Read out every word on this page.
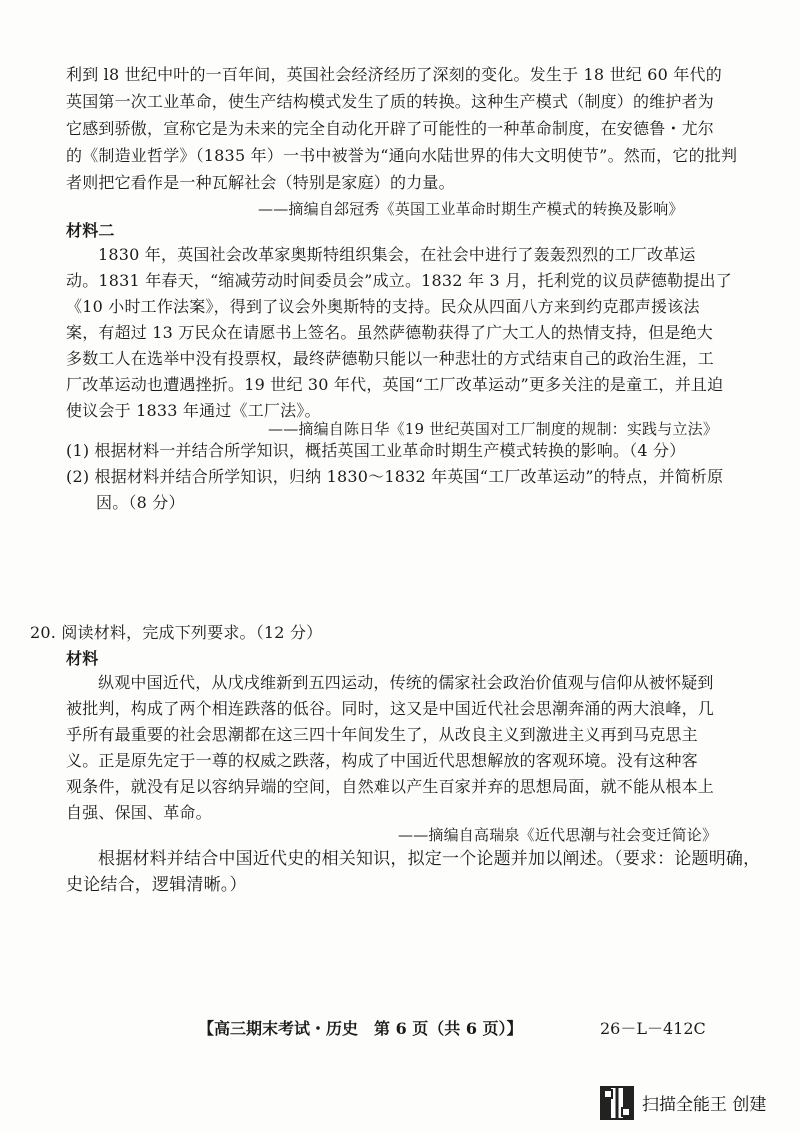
利到 l8 世纪中叶的一百年间，英国社会经济经历了深刻的变化。发生于 18 世纪 60 年代的
英国第一次工业革命，使生产结构模式发生了质的转换。这种生产模式（制度）的维护者为
它感到骄傲，宣称它是为未来的完全自动化开辟了可能性的一种革命制度，在安德鲁・尤尔
的《制造业哲学》（1835 年）一书中被誉为“通向水陆世界的伟大文明使节”。然而，它的批判
者则把它看作是一种瓦解社会（特别是家庭）的力量。
——摘编自郐冠秀《英国工业革命时期生产模式的转换及影响》
材料二
1830 年，英国社会改革家奥斯特组织集会，在社会中进行了轰轰烈烈的工厂改革运
动。1831 年春天，“缩减劳动时间委员会”成立。1832 年 3 月，托利党的议员萨德勒提出了
《10 小时工作法案》，得到了议会外奥斯特的支持。民众从四面八方来到约克郡声援该法
案，有超过 13 万民众在请愿书上签名。虽然萨德勒获得了广大工人的热情支持，但是绝大
多数工人在选举中没有投票权，最终萨德勒只能以一种悲壮的方式结束自己的政治生涯，工
厂改革运动也遭遇挫折。19 世纪 30 年代，英国“工厂改革运动”更多关注的是童工，并且迫
使议会于 1833 年通过《工厂法》。
——摘编自陈日华《19 世纪英国对工厂制度的规制：实践与立法》
(1) 根据材料一并结合所学知识，概括英国工业革命时期生产模式转换的影响。（4 分）
(2) 根据材料并结合所学知识，归纳 1830～1832 年英国“工厂改革运动”的特点，并简析原
因。（8 分）
20. 阅读材料，完成下列要求。（12 分）
材料
纵观中国近代，从戊戌维新到五四运动，传统的儒家社会政治价值观与信仰从被怀疑到
被批判，构成了两个相连跌落的低谷。同时，这又是中国近代社会思潮奔涌的两大浪峰，几
乎所有最重要的社会思潮都在这三四十年间发生了，从改良主义到激进主义再到马克思主
义。正是原先定于一尊的权威之跌落，构成了中国近代思想解放的客观环境。没有这种客
观条件，就没有足以容纳异端的空间，自然难以产生百家并弃的思想局面，就不能从根本上
自强、保国、革命。
——摘编自高瑞泉《近代思潮与社会变迁简论》
根据材料并结合中国近代史的相关知识，拟定一个论题并加以阐述。（要求：论题明确，
史论结合，逻辑清晰。）
【高三期末考试・历史　第 6 页（共 6 页）】	26－L－412C
扫描全能王 创建
